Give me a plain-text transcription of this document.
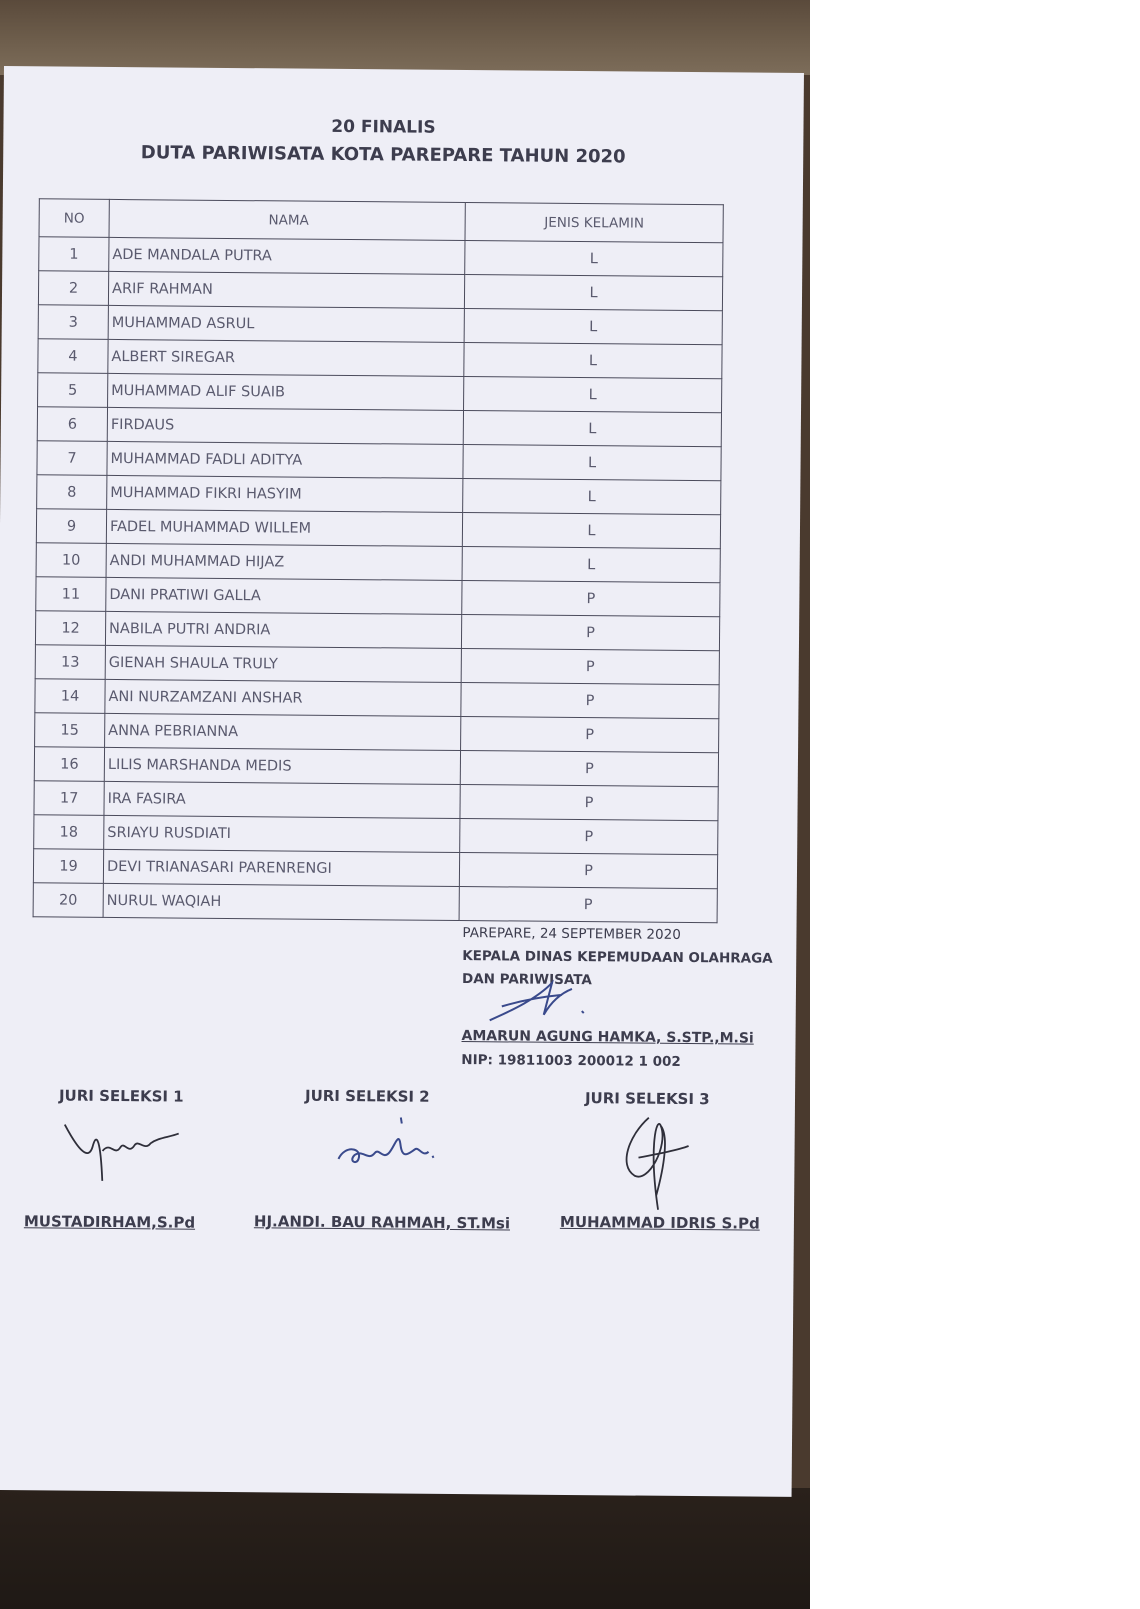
20 FINALIS
DUTA PARIWISATA KOTA PAREPARE TAHUN 2020
NO	NAMA	JENIS KELAMIN
1	ADE MANDALA PUTRA	L
2	ARIF RAHMAN	L
3	MUHAMMAD ASRUL	L
4	ALBERT SIREGAR	L
5	MUHAMMAD ALIF SUAIB	L
6	FIRDAUS	L
7	MUHAMMAD FADLI ADITYA	L
8	MUHAMMAD FIKRI HASYIM	L
9	FADEL MUHAMMAD WILLEM	L
10	ANDI MUHAMMAD HIJAZ	L
11	DANI PRATIWI GALLA	P
12	NABILA PUTRI ANDRIA	P
13	GIENAH SHAULA TRULY	P
14	ANI NURZAMZANI ANSHAR	P
15	ANNA PEBRIANNA	P
16	LILIS MARSHANDA MEDIS	P
17	IRA FASIRA	P
18	SRIAYU RUSDIATI	P
19	DEVI TRIANASARI PARENRENGI	P
20	NURUL WAQIAH	P
PAREPARE, 24 SEPTEMBER 2020
KEPALA DINAS KEPEMUDAAN OLAHRAGA
DAN PARIWISATA
AMARUN AGUNG HAMKA, S.STP.,M.Si
NIP: 19811003 200012 1 002
JURI SELEKSI 1	JURI SELEKSI 2	JURI SELEKSI 3
MUSTADIRHAM,S.Pd	HJ.ANDI. BAU RAHMAH, ST.Msi	MUHAMMAD IDRIS S.Pd
